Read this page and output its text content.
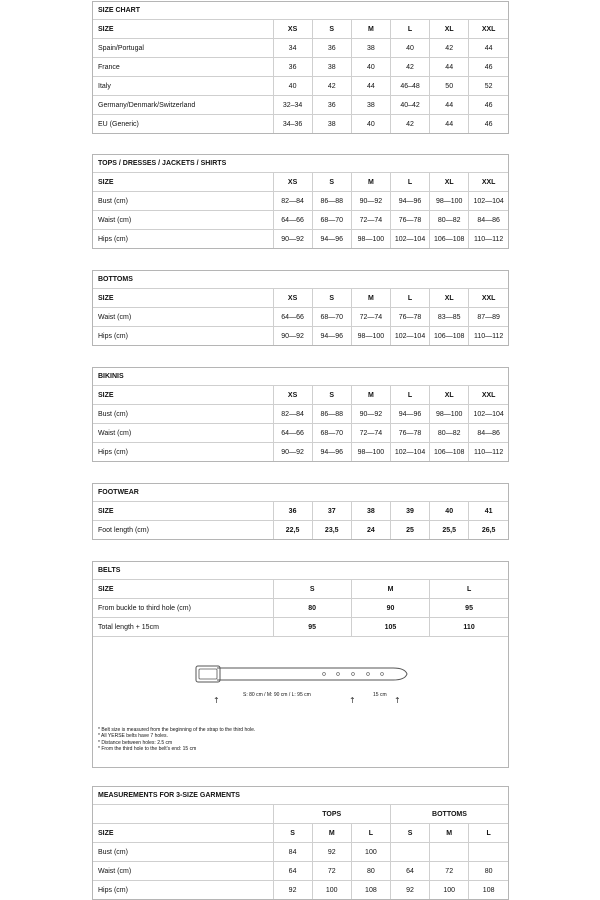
SIZE CHART
SIZE	XS	S	M	L	XL	XXL
Spain/Portugal	34	36	38	40	42	44
France	36	38	40	42	44	46
Italy	40	42	44	46–48	50	52
Germany/Denmark/Switzerland	32–34	36	38	40–42	44	46
EU (Generic)	34–36	38	40	42	44	46
TOPS / DRESSES / JACKETS / SHIRTS
SIZE	XS	S	M	L	XL	XXL
Bust (cm)	82—84	86—88	90—92	94—96	98—100	102—104
Waist (cm)	64—66	68—70	72—74	76—78	80—82	84—86
Hips (cm)	90—92	94—96	98—100	102—104	106—108	110—112
BOTTOMS
SIZE	XS	S	M	L	XL	XXL
Waist (cm)	64—66	68—70	72—74	76—78	83—85	87—89
Hips (cm)	90—92	94—96	98—100	102—104	106—108	110—112
BIKINIS
SIZE	XS	S	M	L	XL	XXL
Bust (cm)	82—84	86—88	90—92	94—96	98—100	102—104
Waist (cm)	64—66	68—70	72—74	76—78	80—82	84—86
Hips (cm)	90—92	94—96	98—100	102—104	106—108	110—112
FOOTWEAR
SIZE	36	37	38	39	40	41
Foot length (cm)	22,5	23,5	24	25	25,5	26,5
BELTS
SIZE	S	M	L
From buckle to third hole (cm)	80	90	95
Total length + 15cm	95	105	110
↑	↑	↑
S: 80 cm / M: 90 cm / L: 95 cm	15 cm
* Belt size is measured from the beginning of the strap to the third hole.
* All YERSE belts have 7 holes.
* Distance between holes: 2.5 cm
* From the third hole to the belt's end: 15 cm
MEASUREMENTS FOR 3-SIZE GARMENTS
	TOPS			BOTTOMS		
SIZE	S	M	L	S	M	L
Bust (cm)	84	92	100			
Waist (cm)	64	72	80	64	72	80
Hips (cm)	92	100	108	92	100	108
